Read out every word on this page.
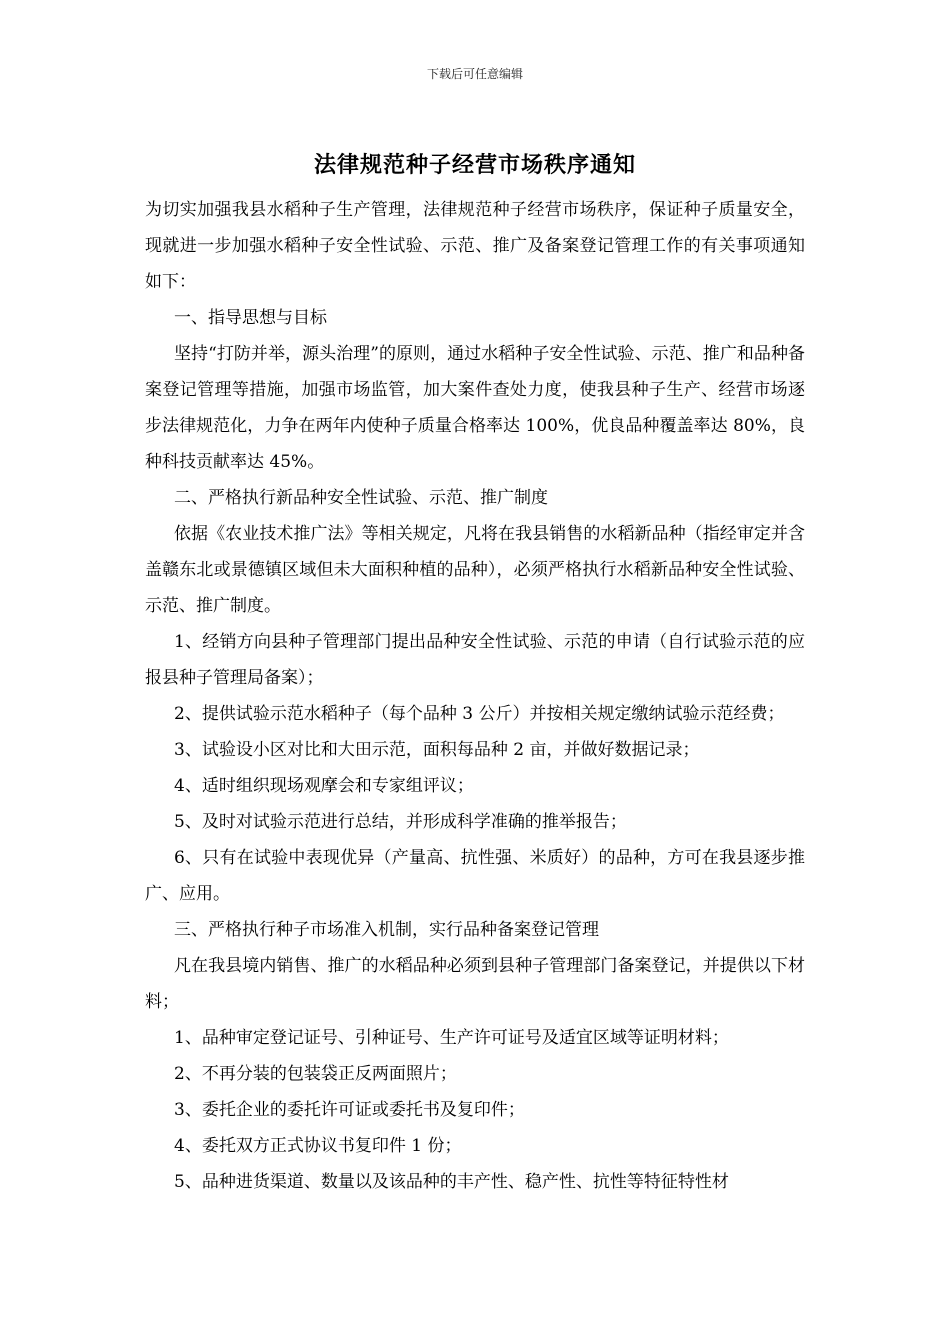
下载后可任意编辑
法律规范种子经营市场秩序通知

为切实加强我县水稻种子生产管理，法律规范种子经营市场秩序，保证种子质量安全，现就进一步加强水稻种子安全性试验、示范、推广及备案登记管理工作的有关事项通知如下：

一、指导思想与目标

坚持“打防并举，源头治理”的原则，通过水稻种子安全性试验、示范、推广和品种备案登记管理等措施，加强市场监管，加大案件查处力度，使我县种子生产、经营市场逐步法律规范化，力争在两年内使种子质量合格率达 100%，优良品种覆盖率达 80%，良种科技贡献率达 45%。

二、严格执行新品种安全性试验、示范、推广制度

依据《农业技术推广法》等相关规定，凡将在我县销售的水稻新品种（指经审定并含盖赣东北或景德镇区域但未大面积种植的品种），必须严格执行水稻新品种安全性试验、示范、推广制度。

1、经销方向县种子管理部门提出品种安全性试验、示范的申请（自行试验示范的应报县种子管理局备案）；

2、提供试验示范水稻种子（每个品种 3 公斤）并按相关规定缴纳试验示范经费；

3、试验设小区对比和大田示范，面积每品种 2 亩，并做好数据记录；

4、适时组织现场观摩会和专家组评议；

5、及时对试验示范进行总结，并形成科学准确的推举报告；

6、只有在试验中表现优异（产量高、抗性强、米质好）的品种，方可在我县逐步推广、应用。

三、严格执行种子市场准入机制，实行品种备案登记管理

凡在我县境内销售、推广的水稻品种必须到县种子管理部门备案登记，并提供以下材料；

1、品种审定登记证号、引种证号、生产许可证号及适宜区域等证明材料；

2、不再分装的包装袋正反两面照片；

3、委托企业的委托许可证或委托书及复印件；

4、委托双方正式协议书复印件 1 份；

5、品种进货渠道、数量以及该品种的丰产性、稳产性、抗性等特征特性材
